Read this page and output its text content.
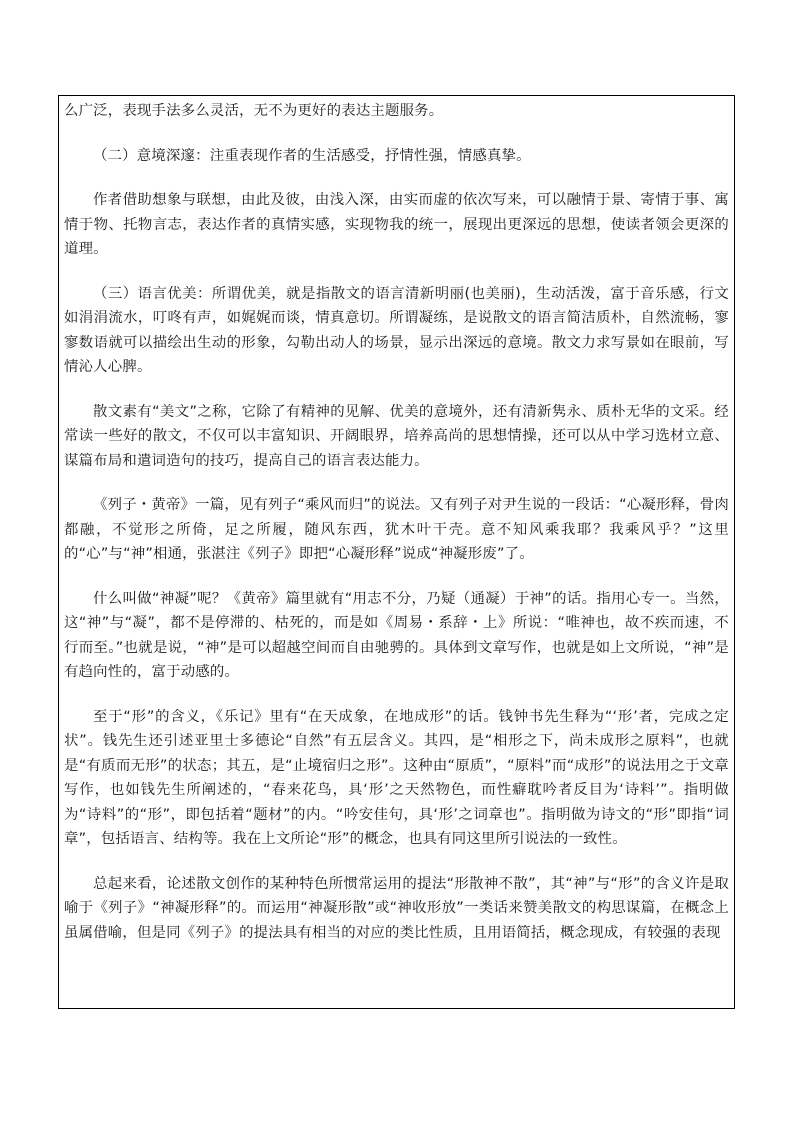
么广泛，表现手法多么灵活，无不为更好的表达主题服务。

（二）意境深邃：注重表现作者的生活感受，抒情性强，情感真挚。

作者借助想象与联想，由此及彼，由浅入深，由实而虚的依次写来，可以融情于景、寄情于事、寓情于物、托物言志，表达作者的真情实感，实现物我的统一，展现出更深远的思想，使读者领会更深的道理。

（三）语言优美：所谓优美，就是指散文的语言清新明丽(也美丽)，生动活泼，富于音乐感，行文如涓涓流水，叮咚有声，如娓娓而谈，情真意切。所谓凝练，是说散文的语言简洁质朴，自然流畅，寥寥数语就可以描绘出生动的形象，勾勒出动人的场景，显示出深远的意境。散文力求写景如在眼前，写情沁人心脾。

散文素有“美文”之称，它除了有精神的见解、优美的意境外，还有清新隽永、质朴无华的文采。经常读一些好的散文，不仅可以丰富知识、开阔眼界，培养高尚的思想情操，还可以从中学习选材立意、谋篇布局和遣词造句的技巧，提高自己的语言表达能力。

《列子・黄帝》一篇，见有列子“乘风而归”的说法。又有列子对尹生说的一段话：“心凝形释，骨肉都融，不觉形之所倚，足之所履，随风东西，犹木叶干壳。意不知风乘我耶？我乘风乎？”这里的“心”与“神”相通，张湛注《列子》即把“心凝形释”说成“神凝形废”了。

什么叫做“神凝”呢？《黄帝》篇里就有“用志不分，乃疑（通凝）于神”的话。指用心专一。当然，这“神”与“凝”，都不是停滞的、枯死的，而是如《周易・系辞・上》所说：“唯神也，故不疾而速，不行而至。”也就是说，“神”是可以超越空间而自由驰骋的。具体到文章写作，也就是如上文所说，“神”是有趋向性的，富于动感的。

至于“形”的含义，《乐记》里有“在天成象，在地成形”的话。钱钟书先生释为“‘形’者，完成之定状”。钱先生还引述亚里士多德论“自然”有五层含义。其四，是“相形之下，尚未成形之原料”，也就是“有质而无形”的状态；其五，是“止境宿归之形”。这种由“原质”，“原料”而“成形”的说法用之于文章写作，也如钱先生所阐述的，“春来花鸟，具‘形’之天然物色，而性癖耽吟者反目为‘诗料’”。指明做为“诗料”的“形”，即包括着“题材”的内。“吟安佳句，具‘形’之词章也”。指明做为诗文的“形”即指“词章”，包括语言、结构等。我在上文所论“形”的概念，也具有同这里所引说法的一致性。

总起来看，论述散文创作的某种特色所惯常运用的提法“形散神不散”，其“神”与“形”的含义许是取喻于《列子》“神凝形释”的。而运用“神凝形散”或“神收形放”一类话来赞美散文的构思谋篇，在概念上虽属借喻，但是同《列子》的提法具有相当的对应的类比性质，且用语简括，概念现成，有较强的表现
